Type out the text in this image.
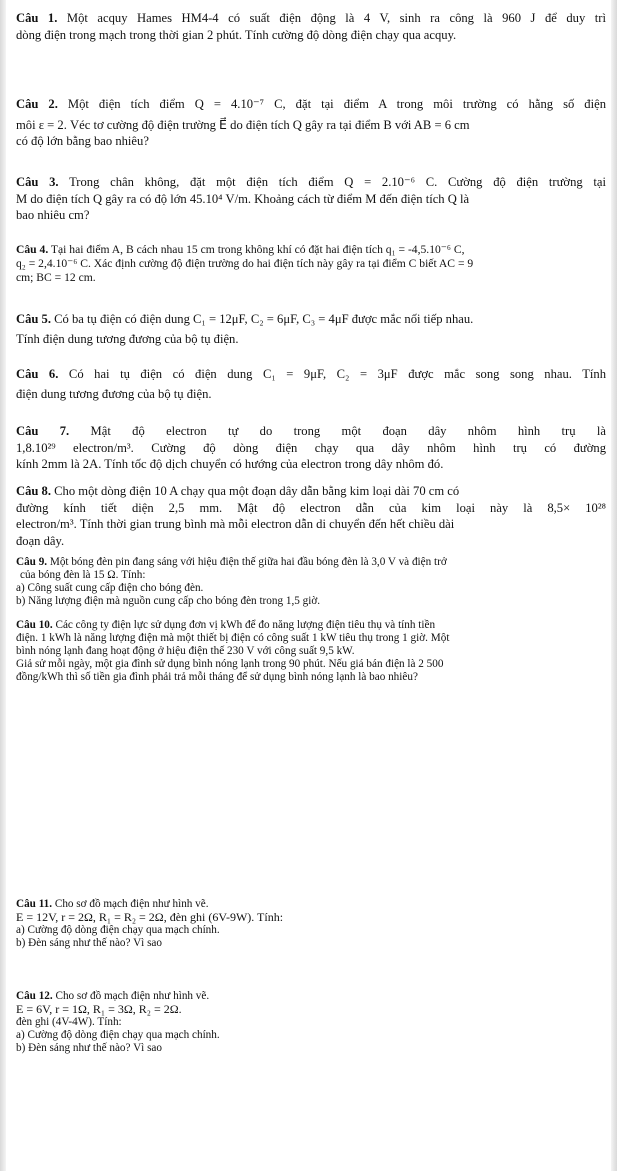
Câu 1. Một acquy Hames HM4-4 có suất điện động là 4 V, sinh ra công là 960 J để duy trì
dòng điện trong mạch trong thời gian 2 phút. Tính cường độ dòng điện chạy qua acquy.
Câu 2. Một điện tích điểm Q = 4.10⁻⁷ C, đặt tại điểm A trong môi trường có hằng số điện
môi ε = 2. Véc tơ cường độ điện trường E⃗ do điện tích Q gây ra tại điểm B với AB = 6 cm
có độ lớn bằng bao nhiêu?
Câu 3. Trong chân không, đặt một điện tích điểm Q = 2.10⁻⁶ C. Cường độ điện trường tại
M do điện tích Q gây ra có độ lớn 45.10⁴ V/m. Khoảng cách từ điểm M đến điện tích Q là
bao nhiêu cm?
Câu 4. Tại hai điểm A, B cách nhau 15 cm trong không khí có đặt hai điện tích q₁ = -4,5.10⁻⁶ C,
q₂ = 2,4.10⁻⁶ C. Xác định cường độ điện trường do hai điện tích này gây ra tại điểm C biết AC = 9
cm; BC = 12 cm.
Câu 5. Có ba tụ điện có điện dung C₁ = 12μF, C₂ = 6μF, C₃ = 4μF được mắc nối tiếp nhau.
Tính điện dung tương đương của bộ tụ điện.
Câu 6. Có hai tụ điện có điện dung C₁ = 9μF, C₂ = 3μF được mắc song song nhau. Tính
điện dung tương đương của bộ tụ điện.
Câu 7. Mật độ electron tự do trong một đoạn dây nhôm hình trụ là
1,8.10²⁹ electron/m³. Cường độ dòng điện chạy qua dây nhôm hình trụ có đường
kính 2mm là 2A. Tính tốc độ dịch chuyển có hướng của electron trong dây nhôm đó.
Câu 8. Cho một dòng điện 10 A chạy qua một đoạn dây dẫn bằng kim loại dài 70 cm có
đường kính tiết diện 2,5 mm. Mật độ electron dẫn của kim loại này là 8,5× 10²⁸
electron/m³. Tính thời gian trung bình mà mỗi electron dẫn di chuyển đến hết chiều dài
đoạn dây.
Câu 9. Một bóng đèn pin đang sáng với hiệu điện thế giữa hai đầu bóng đèn là 3,0 V và điện trở
của bóng đèn là 15 Ω. Tính:
a) Công suất cung cấp điện cho bóng đèn.
b) Năng lượng điện mà nguồn cung cấp cho bóng đèn trong 1,5 giờ.
Câu 10. Các công ty điện lực sử dụng đơn vị kWh để đo năng lượng điện tiêu thụ và tính tiền
điện. 1 kWh là năng lượng điện mà một thiết bị điện có công suất 1 kW tiêu thụ trong 1 giờ. Một
bình nóng lạnh đang hoạt động ở hiệu điện thế 230 V với công suất 9,5 kW.
Giả sử mỗi ngày, một gia đình sử dụng bình nóng lạnh trong 90 phút. Nếu giá bán điện là 2 500
đồng/kWh thì số tiền gia đình phải trả mỗi tháng để sử dụng bình nóng lạnh là bao nhiêu?
Câu 11. Cho sơ đồ mạch điện như hình vẽ.
E = 12V, r = 2Ω, R₁ = R₂ = 2Ω, đèn ghi (6V-9W). Tính:
a) Cường độ dòng điện chạy qua mạch chính.
b) Đèn sáng như thế nào? Vì sao
Câu 12. Cho sơ đồ mạch điện như hình vẽ.
E = 6V, r = 1Ω, R₁ = 3Ω, R₂ = 2Ω.
đèn ghi (4V-4W). Tính:
a) Cường độ dòng điện chạy qua mạch chính.
b) Đèn sáng như thế nào? Vì sao
